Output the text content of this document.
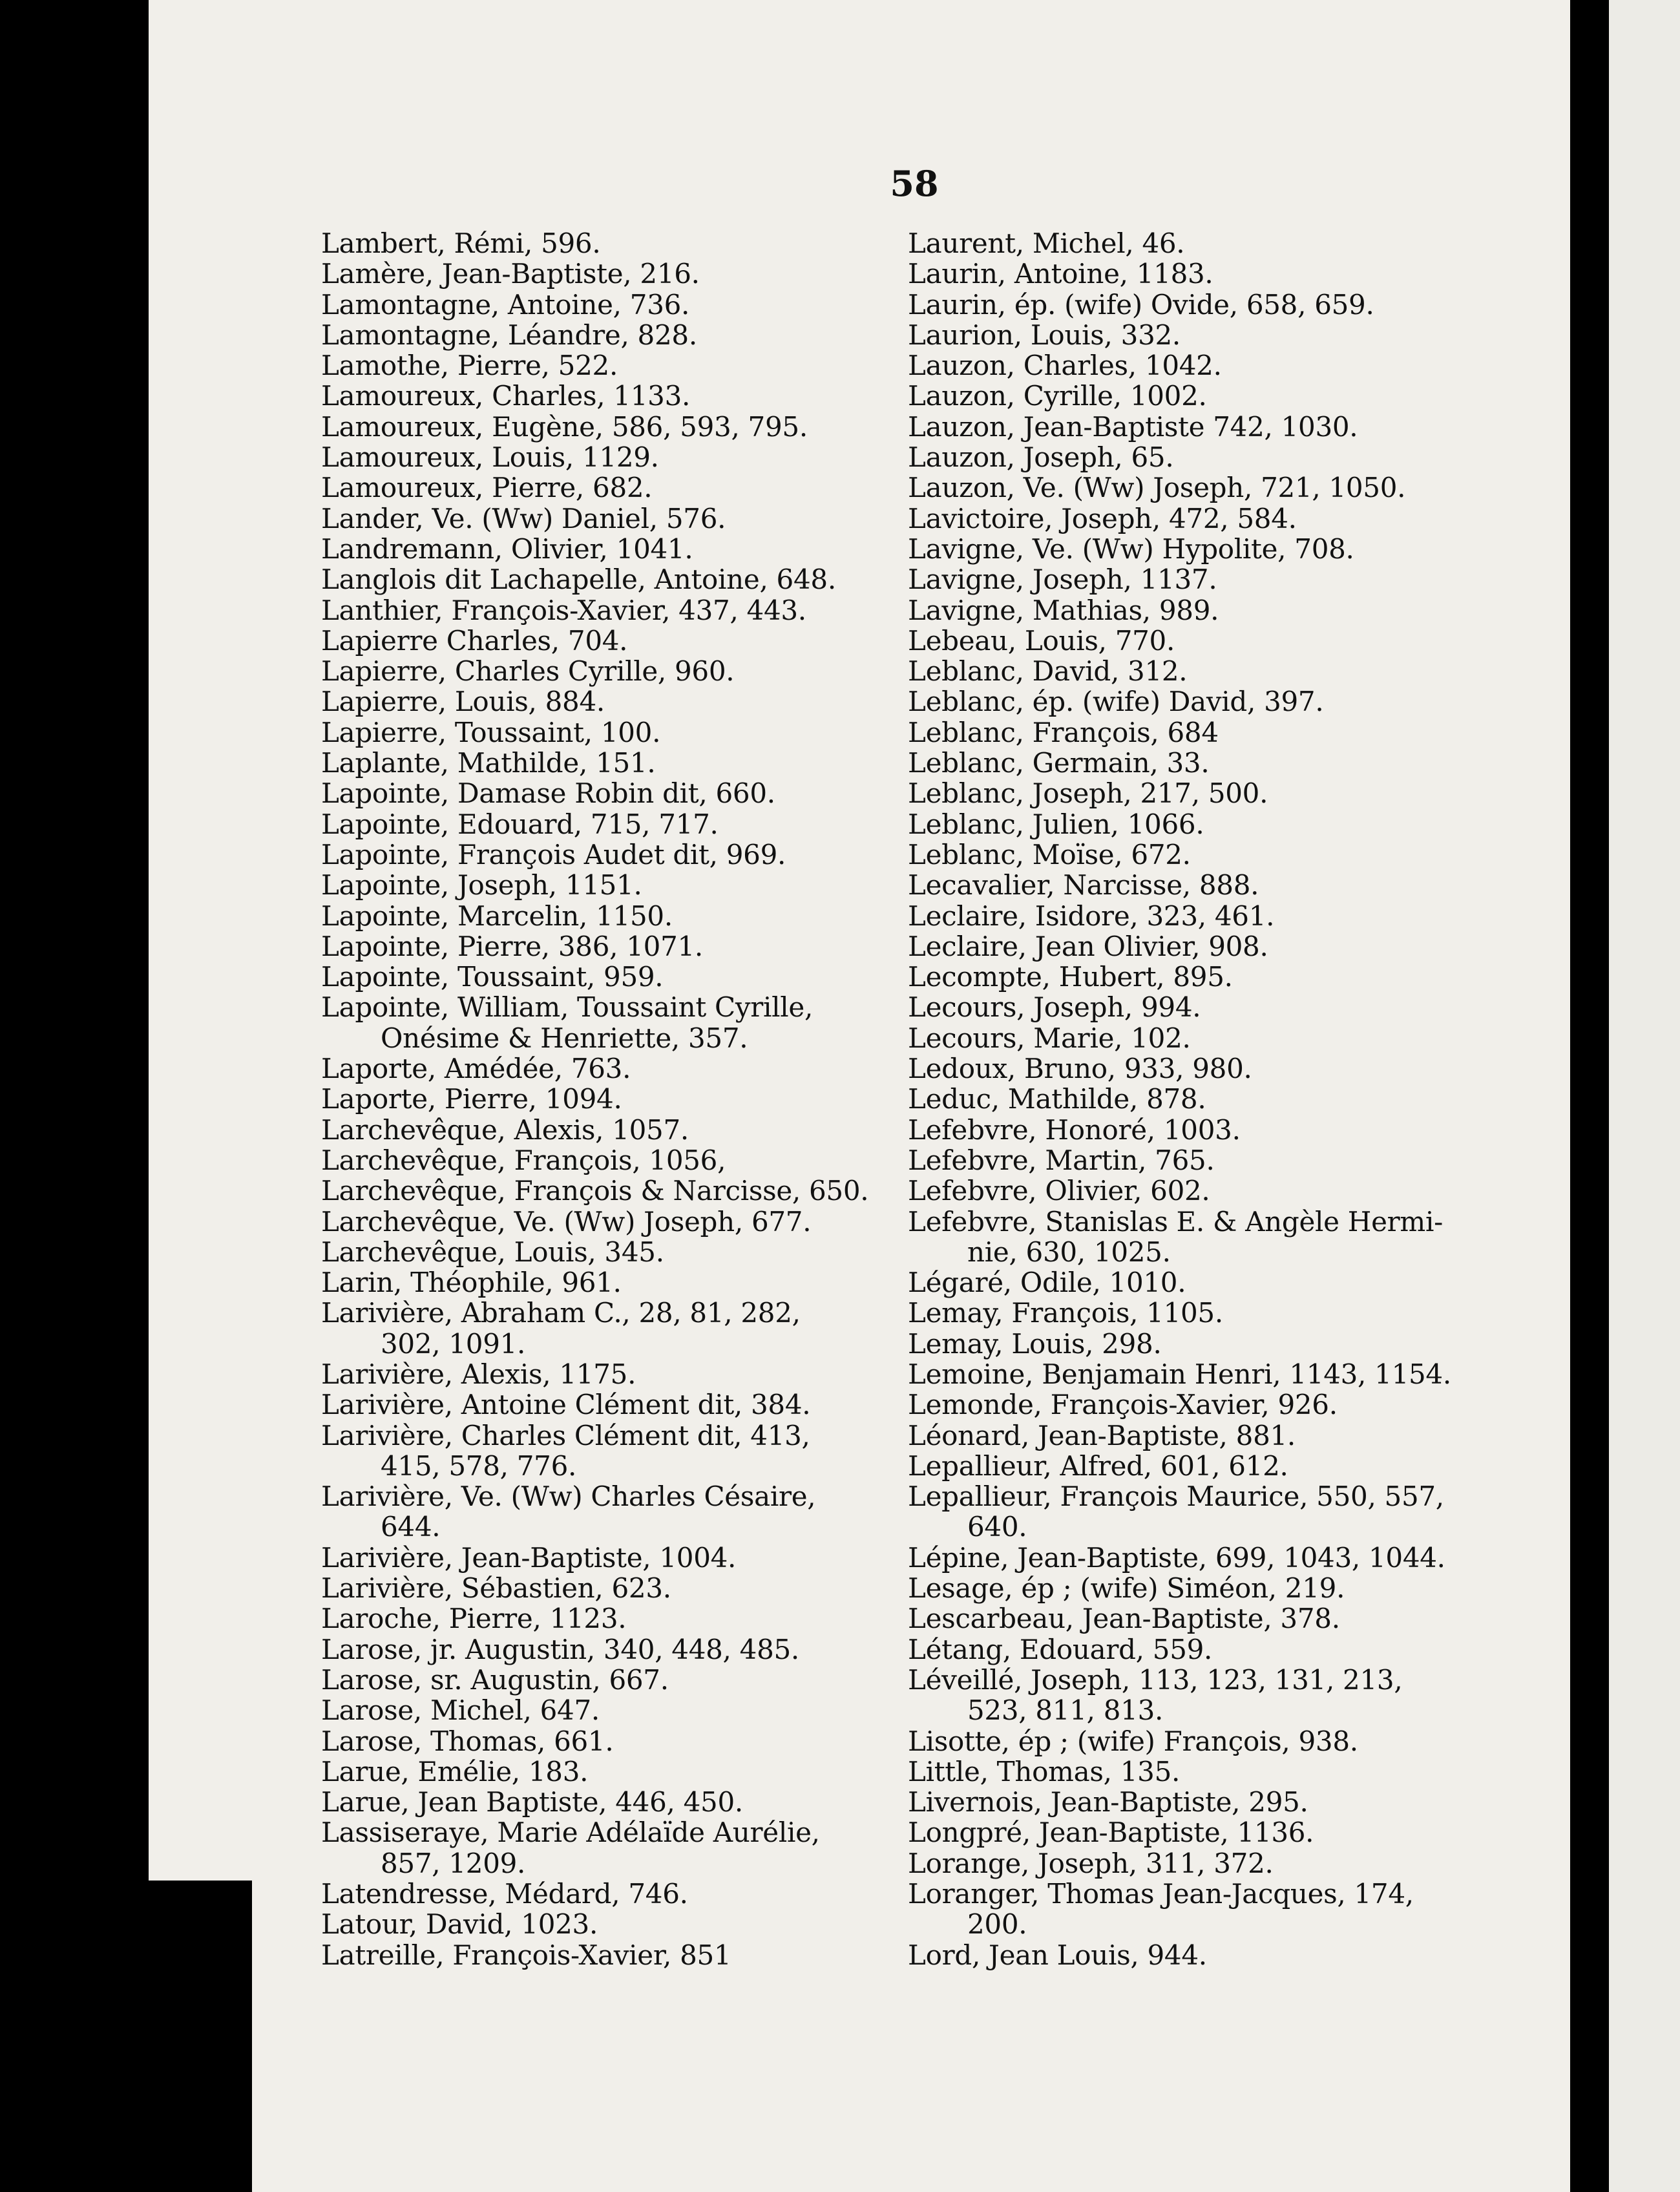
58
Lambert, Rémi, 596.
Lamère, Jean-Baptiste, 216.
Lamontagne, Antoine, 736.
Lamontagne, Léandre, 828.
Lamothe, Pierre, 522.
Lamoureux, Charles, 1133.
Lamoureux, Eugène, 586, 593, 795.
Lamoureux, Louis, 1129.
Lamoureux, Pierre, 682.
Lander, Ve. (Ww) Daniel, 576.
Landremann, Olivier, 1041.
Langlois dit Lachapelle, Antoine, 648.
Lanthier, François-Xavier, 437, 443.
Lapierre Charles, 704.
Lapierre, Charles Cyrille, 960.
Lapierre, Louis, 884.
Lapierre, Toussaint, 100.
Laplante, Mathilde, 151.
Lapointe, Damase Robin dit, 660.
Lapointe, Edouard, 715, 717.
Lapointe, François Audet dit, 969.
Lapointe, Joseph, 1151.
Lapointe, Marcelin, 1150.
Lapointe, Pierre, 386, 1071.
Lapointe, Toussaint, 959.
Lapointe, William, Toussaint Cyrille,
Onésime & Henriette, 357.
Laporte, Amédée, 763.
Laporte, Pierre, 1094.
Larchevêque, Alexis, 1057.
Larchevêque, François, 1056,
Larchevêque, François & Narcisse, 650.
Larchevêque, Ve. (Ww) Joseph, 677.
Larchevêque, Louis, 345.
Larin, Théophile, 961.
Larivière, Abraham C., 28, 81, 282,
302, 1091.
Larivière, Alexis, 1175.
Larivière, Antoine Clément dit, 384.
Larivière, Charles Clément dit, 413,
415, 578, 776.
Larivière, Ve. (Ww) Charles Césaire,
644.
Larivière, Jean-Baptiste, 1004.
Larivière, Sébastien, 623.
Laroche, Pierre, 1123.
Larose, jr. Augustin, 340, 448, 485.
Larose, sr. Augustin, 667.
Larose, Michel, 647.
Larose, Thomas, 661.
Larue, Emélie, 183.
Larue, Jean Baptiste, 446, 450.
Lassiseraye, Marie Adélaïde Aurélie,
857, 1209.
Latendresse, Médard, 746.
Latour, David, 1023.
Latreille, François-Xavier, 851
Laurent, Michel, 46.
Laurin, Antoine, 1183.
Laurin, ép. (wife) Ovide, 658, 659.
Laurion, Louis, 332.
Lauzon, Charles, 1042.
Lauzon, Cyrille, 1002.
Lauzon, Jean-Baptiste 742, 1030.
Lauzon, Joseph, 65.
Lauzon, Ve. (Ww) Joseph, 721, 1050.
Lavictoire, Joseph, 472, 584.
Lavigne, Ve. (Ww) Hypolite, 708.
Lavigne, Joseph, 1137.
Lavigne, Mathias, 989.
Lebeau, Louis, 770.
Leblanc, David, 312.
Leblanc, ép. (wife) David, 397.
Leblanc, François, 684
Leblanc, Germain, 33.
Leblanc, Joseph, 217, 500.
Leblanc, Julien, 1066.
Leblanc, Moïse, 672.
Lecavalier, Narcisse, 888.
Leclaire, Isidore, 323, 461.
Leclaire, Jean Olivier, 908.
Lecompte, Hubert, 895.
Lecours, Joseph, 994.
Lecours, Marie, 102.
Ledoux, Bruno, 933, 980.
Leduc, Mathilde, 878.
Lefebvre, Honoré, 1003.
Lefebvre, Martin, 765.
Lefebvre, Olivier, 602.
Lefebvre, Stanislas E. & Angèle Hermi-
nie, 630, 1025.
Légaré, Odile, 1010.
Lemay, François, 1105.
Lemay, Louis, 298.
Lemoine, Benjamain Henri, 1143, 1154.
Lemonde, François-Xavier, 926.
Léonard, Jean-Baptiste, 881.
Lepallieur, Alfred, 601, 612.
Lepallieur, François Maurice, 550, 557,
640.
Lépine, Jean-Baptiste, 699, 1043, 1044.
Lesage, ép ; (wife) Siméon, 219.
Lescarbeau, Jean-Baptiste, 378.
Létang, Edouard, 559.
Léveillé, Joseph, 113, 123, 131, 213,
523, 811, 813.
Lisotte, ép ; (wife) François, 938.
Little, Thomas, 135.
Livernois, Jean-Baptiste, 295.
Longpré, Jean-Baptiste, 1136.
Lorange, Joseph, 311, 372.
Loranger, Thomas Jean-Jacques, 174,
200.
Lord, Jean Louis, 944.
